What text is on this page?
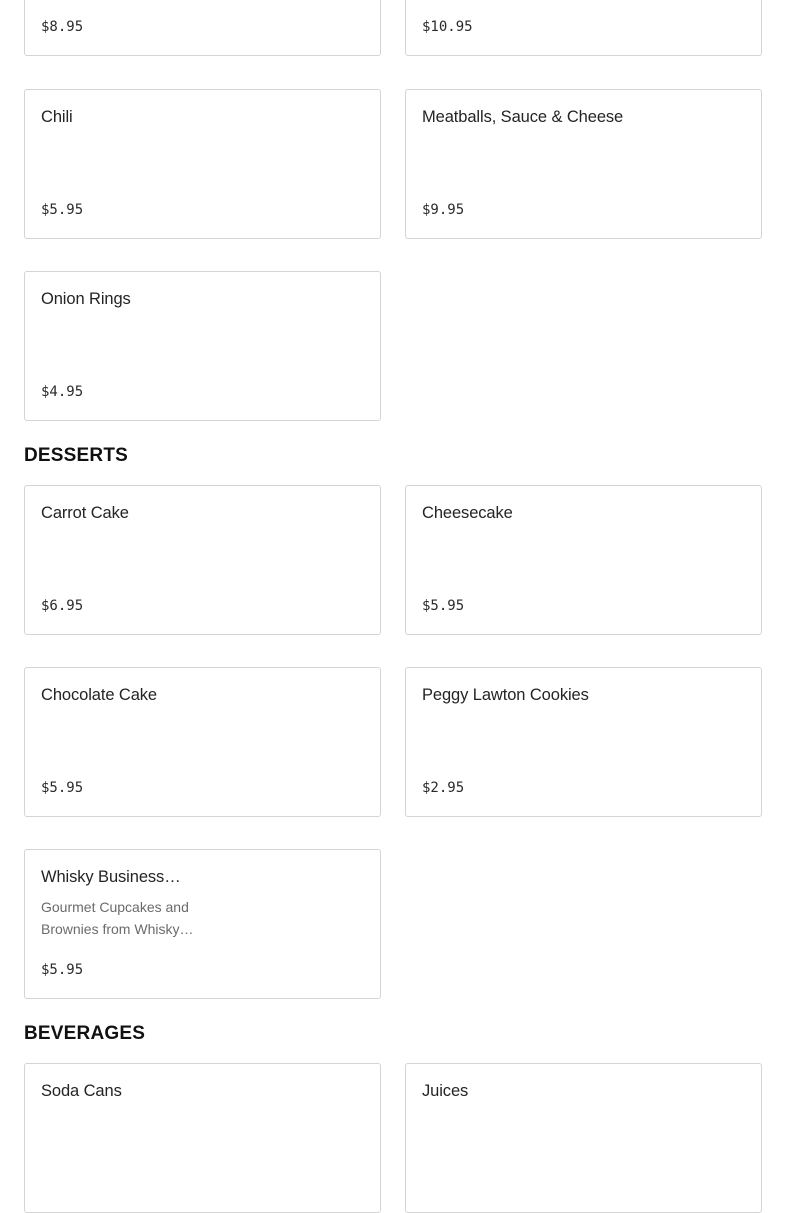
$8.95	$10.95
Chili
$5.95
Meatballs, Sauce & Cheese
$9.95
Onion Rings
$4.95
DESSERTS
Carrot Cake
$6.95
Cheesecake
$5.95
Chocolate Cake
$5.95
Peggy Lawton Cookies
$2.95
Whisky Business…
Gourmet Cupcakes and Brownies from Whisky…
$5.95
BEVERAGES
Soda Cans	Juices
